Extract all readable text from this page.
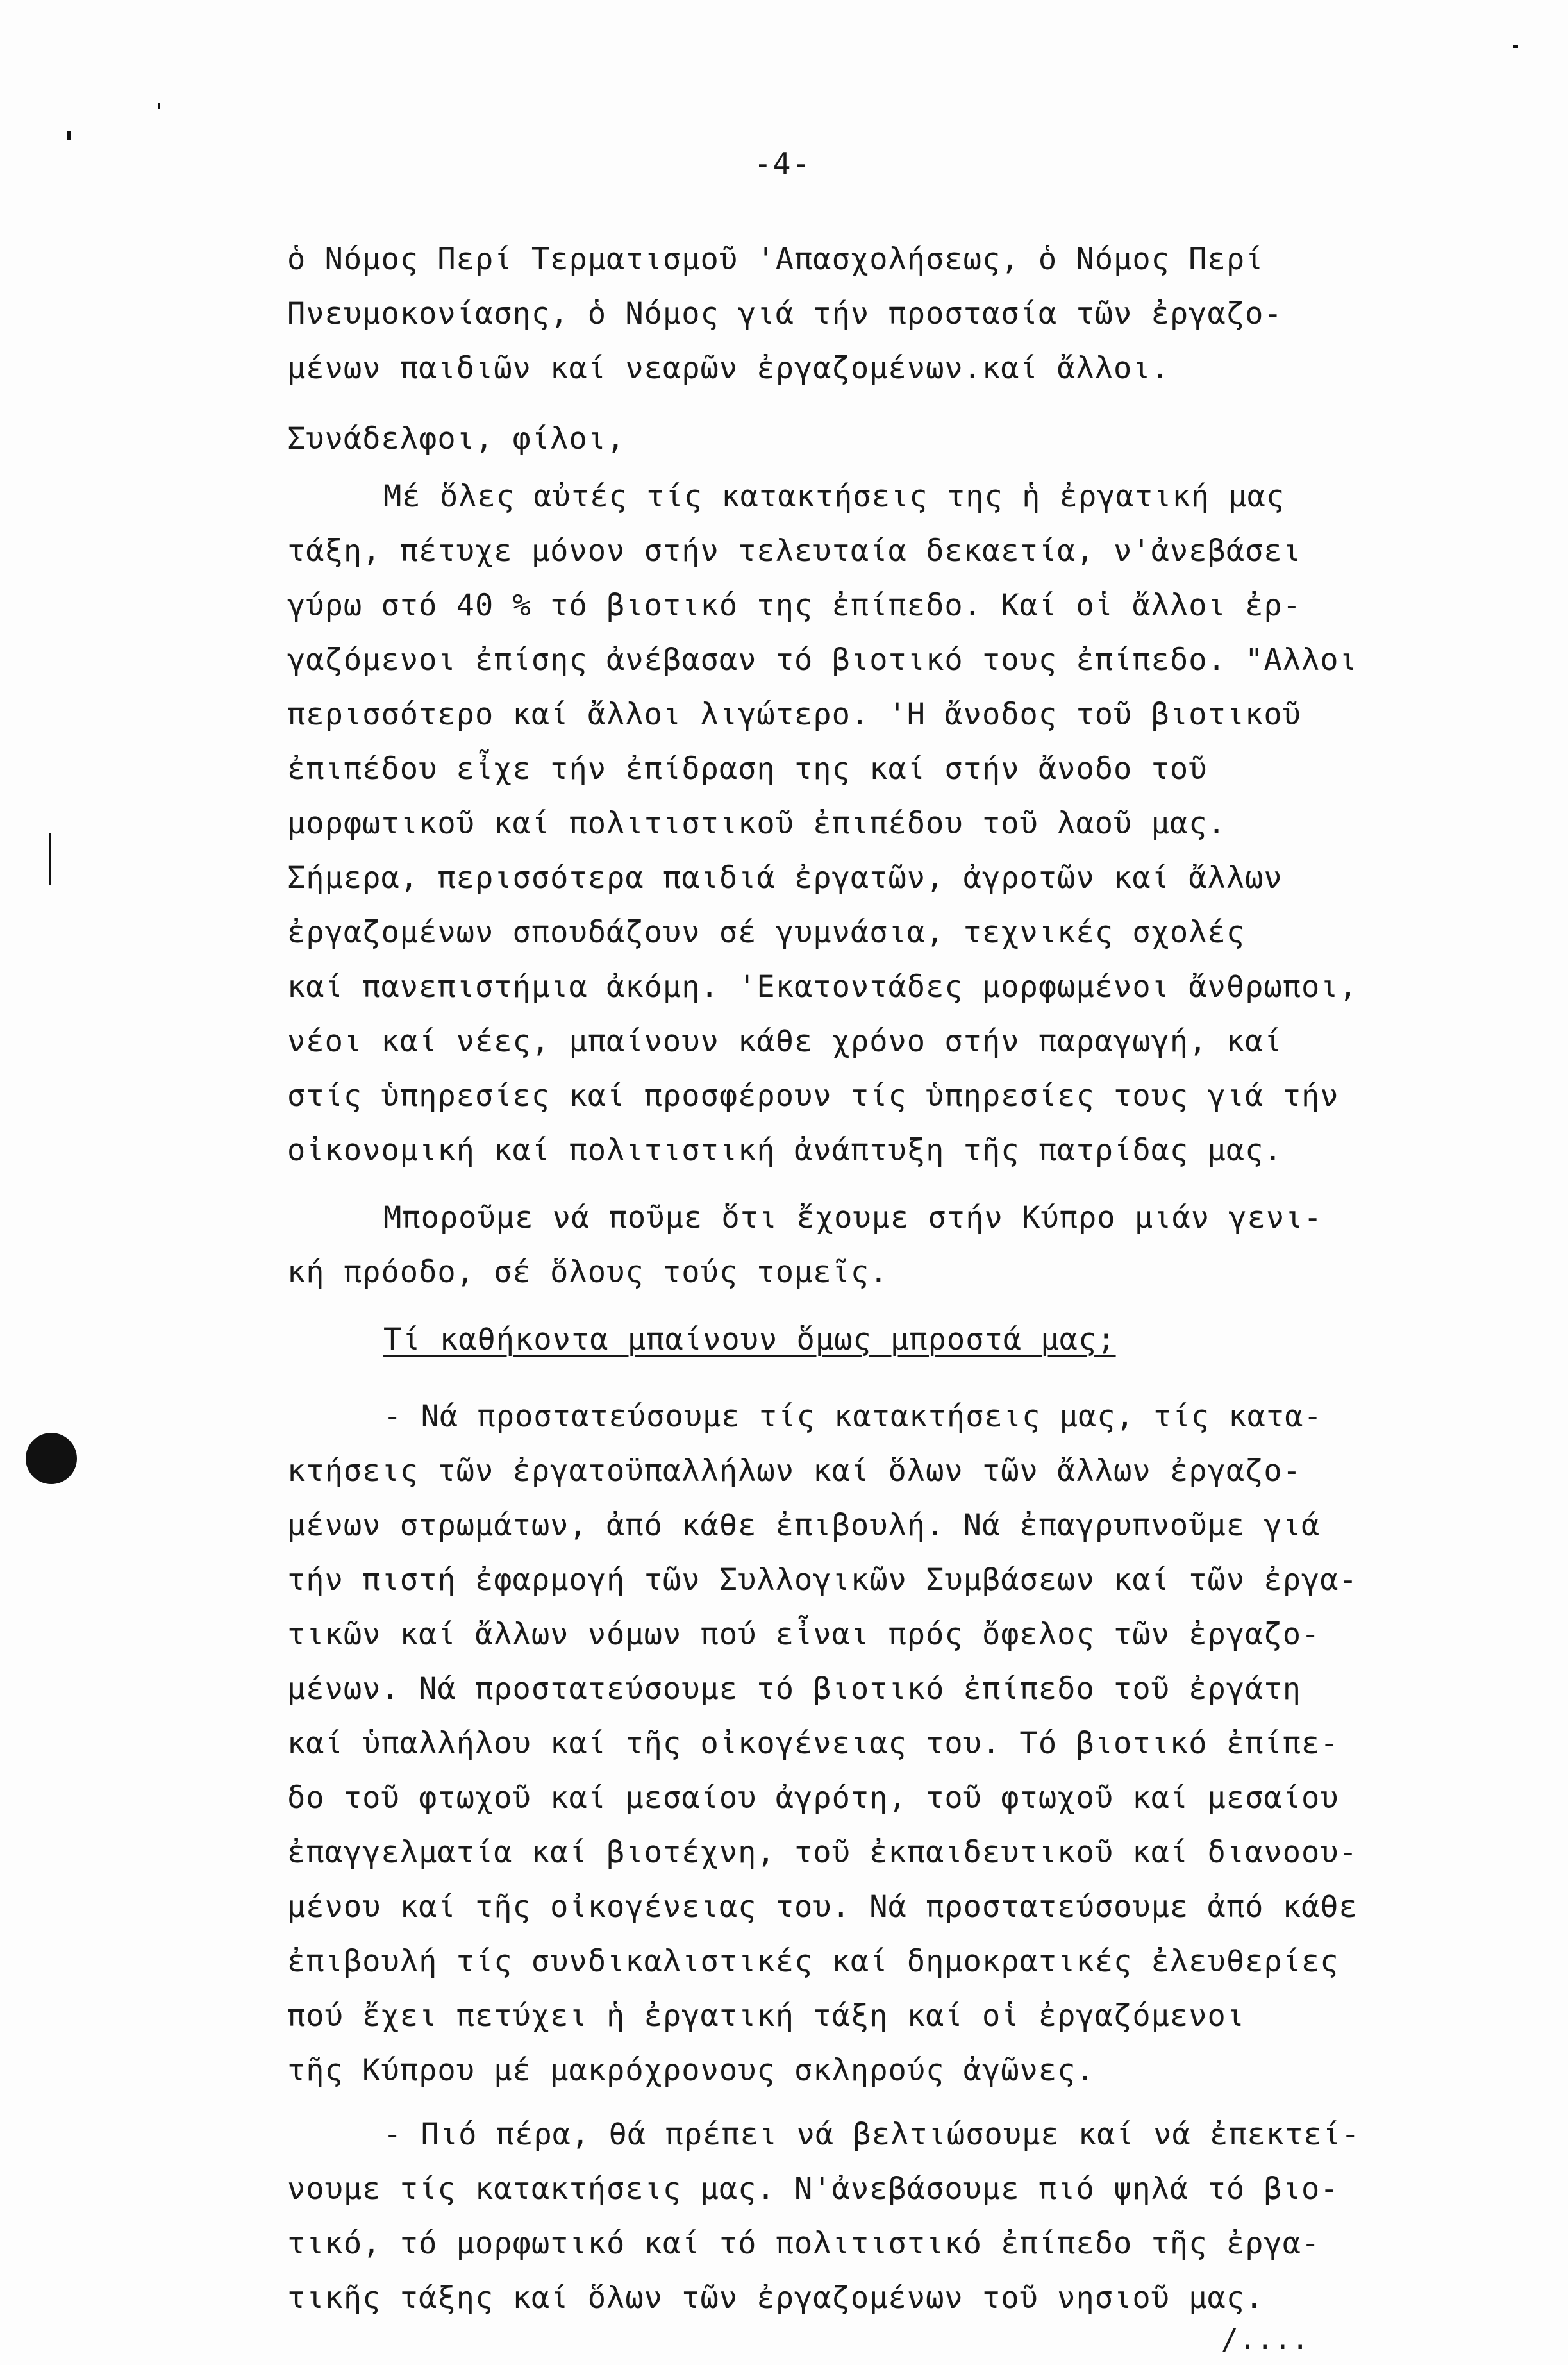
-4-
ὁ Νόμος Περί Τερματισμοῦ 'Απασχολήσεως, ὁ Νόμος Περί
Πνευμοκονίασης, ὁ Νόμος γιά τήν προστασία τῶν ἐργαζο-
μένων παιδιῶν καί νεαρῶν ἐργαζομένων.καί ἄλλοι.
Συνάδελφοι, φίλοι,
Μέ ὅλες αὐτές τίς κατακτήσεις της ἡ ἐργατική μας
τάξη, πέτυχε μόνον στήν τελευταία δεκαετία, ν'ἀνεβάσει
γύρω στό 40 % τό βιοτικό της ἐπίπεδο. Καί οἱ ἄλλοι ἐρ-
γαζόμενοι ἐπίσης ἀνέβασαν τό βιοτικό τους ἐπίπεδο. "Αλλοι
περισσότερο καί ἄλλοι λιγώτερο. 'Η ἄνοδος τοῦ βιοτικοῦ
ἐπιπέδου εἶχε τήν ἐπίδραση της καί στήν ἄνοδο τοῦ
μορφωτικοῦ καί πολιτιστικοῦ ἐπιπέδου τοῦ λαοῦ μας.
Σήμερα, περισσότερα παιδιά ἐργατῶν, ἀγροτῶν καί ἄλλων
ἐργαζομένων σπουδάζουν σέ γυμνάσια, τεχνικές σχολές
καί πανεπιστήμια ἀκόμη. 'Εκατοντάδες μορφωμένοι ἄνθρωποι,
νέοι καί νέες, μπαίνουν κάθε χρόνο στήν παραγωγή, καί
στίς ὑπηρεσίες καί προσφέρουν τίς ὑπηρεσίες τους γιά τήν
οἰκονομική καί πολιτιστική ἀνάπτυξη τῆς πατρίδας μας.
Μποροῦμε νά ποῦμε ὅτι ἔχουμε στήν Κύπρο μιάν γενι-
κή πρόοδο, σέ ὅλους τούς τομεῖς.
Τί καθήκοντα μπαίνουν ὅμως μπροστά μας;
- Νά προστατεύσουμε τίς κατακτήσεις μας, τίς κατα-
κτήσεις τῶν ἐργατοϋπαλλήλων καί ὅλων τῶν ἄλλων ἐργαζο-
μένων στρωμάτων, ἀπό κάθε ἐπιβουλή. Νά ἐπαγρυπνοῦμε γιά
τήν πιστή ἐφαρμογή τῶν Συλλογικῶν Συμβάσεων καί τῶν ἐργα-
τικῶν καί ἄλλων νόμων πού εἶναι πρός ὄφελος τῶν ἐργαζο-
μένων. Νά προστατεύσουμε τό βιοτικό ἐπίπεδο τοῦ ἐργάτη
καί ὑπαλλήλου καί τῆς οἰκογένειας του. Τό βιοτικό ἐπίπε-
δο τοῦ φτωχοῦ καί μεσαίου ἀγρότη, τοῦ φτωχοῦ καί μεσαίου
ἐπαγγελματία καί βιοτέχνη, τοῦ ἐκπαιδευτικοῦ καί διανοου-
μένου καί τῆς οἰκογένειας του. Νά προστατεύσουμε ἀπό κάθε
ἐπιβουλή τίς συνδικαλιστικές καί δημοκρατικές ἐλευθερίες
πού ἔχει πετύχει ἡ ἐργατική τάξη καί οἱ ἐργαζόμενοι
τῆς Κύπρου μέ μακρόχρονους σκληρούς ἀγῶνες.
- Πιό πέρα, θά πρέπει νά βελτιώσουμε καί νά ἐπεκτεί-
νουμε τίς κατακτήσεις μας. Ν'ἀνεβάσουμε πιό ψηλά τό βιο-
τικό, τό μορφωτικό καί τό πολιτιστικό ἐπίπεδο τῆς ἐργα-
τικῆς τάξης καί ὅλων τῶν ἐργαζομένων τοῦ νησιοῦ μας.
/....
